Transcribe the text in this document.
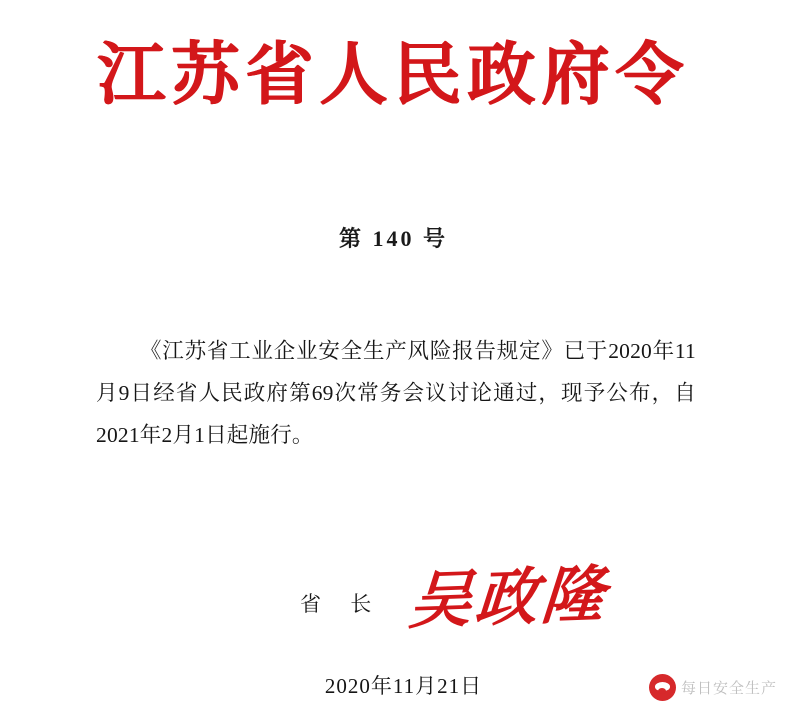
江苏省人民政府令
第 140 号
《江苏省工业企业安全生产风险报告规定》已于2020年11月9日经省人民政府第69次常务会议讨论通过，现予公布，自2021年2月1日起施行。
省 长 吴政隆
2020年11月21日	每日安全生产
